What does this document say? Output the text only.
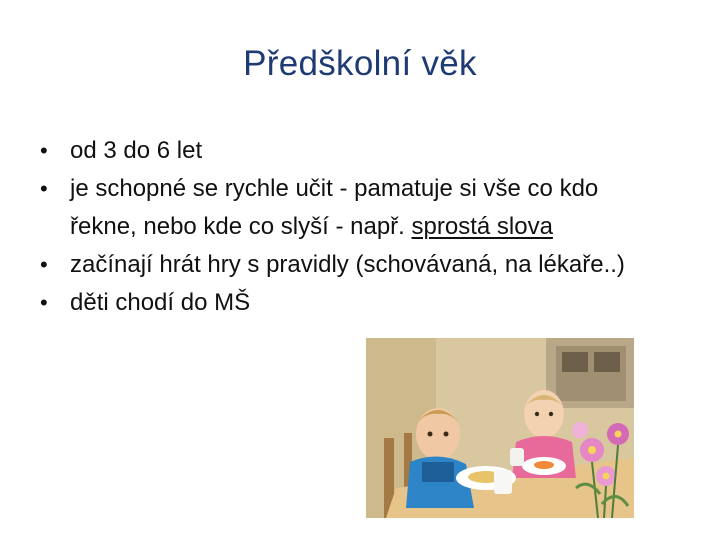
Předškolní věk
• od 3 do 6 let
• je schopné se rychle učit - pamatuje si vše co kdo řekne, nebo kde co slyší - např. sprostá slova
• začínají hrát hry s pravidly (schovávaná, na lékaře..)
• děti chodí do MŠ
